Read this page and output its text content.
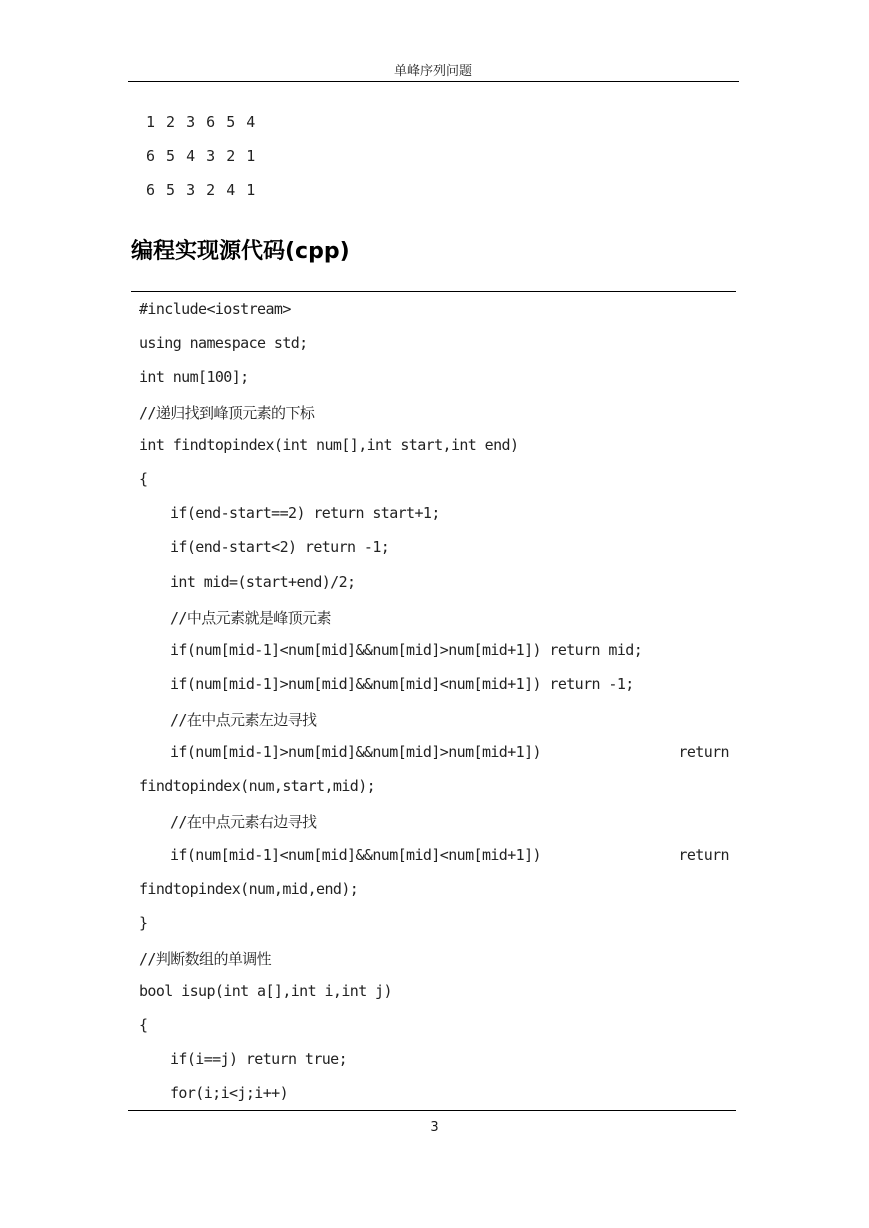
单峰序列问题
1 2 3 6 5 4
6 5 4 3 2 1
6 5 3 2 4 1
编程实现源代码(cpp)
#include<iostream>
using namespace std;
int num[100];
//递归找到峰顶元素的下标
int findtopindex(int num[],int start,int end)
{
if(end-start==2) return start+1;
if(end-start<2) return -1;
int mid=(start+end)/2;
//中点元素就是峰顶元素
if(num[mid-1]<num[mid]&&num[mid]>num[mid+1]) return mid;
if(num[mid-1]>num[mid]&&num[mid]<num[mid+1]) return -1;
//在中点元素左边寻找
if(num[mid-1]>num[mid]&&num[mid]>num[mid+1])	return
findtopindex(num,start,mid);
//在中点元素右边寻找
if(num[mid-1]<num[mid]&&num[mid]<num[mid+1])	return
findtopindex(num,mid,end);
}
//判断数组的单调性
bool isup(int a[],int i,int j)
{
if(i==j) return true;
for(i;i<j;i++)
3
